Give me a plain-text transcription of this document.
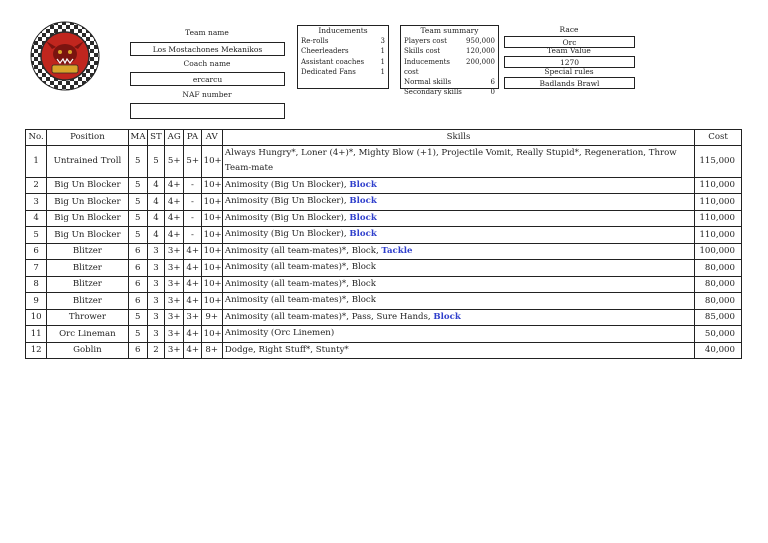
Team name
Los Mostachones Mekanikos
Coach name
ercarcu
NAF number
Inducements
Re-rolls	3
Cheerleaders	1
Assistant coaches 1
Dedicated Fans	1
Team summary
Players cost	950,000
Skills cost	120,000
Inducements cost
200,000
Normal skills	6
Secondary skills	0
Race
Orc
Team Value
1270
Special rules
Badlands Brawl
No.	Position	MA	ST	AG	PA	AV	Skills	Cost
1	Untrained Troll	5	5	5+	5+	10+	Always Hungry*, Loner (4+)*, Mighty Blow (+1), Projectile Vomit, Really Stupid*, Regeneration, Throw Team-mate	115,000
2	Big Un Blocker	5	4	4+	-	10+	Animosity (Big Un Blocker), Block	110,000
3	Big Un Blocker	5	4	4+	-	10+	Animosity (Big Un Blocker), Block	110,000
4	Big Un Blocker	5	4	4+	-	10+	Animosity (Big Un Blocker), Block	110,000
5	Big Un Blocker	5	4	4+	-	10+	Animosity (Big Un Blocker), Block	110,000
6	Blitzer	6	3	3+	4+	10+	Animosity (all team-mates)*, Block, Tackle	100,000
7	Blitzer	6	3	3+	4+	10+	Animosity (all team-mates)*, Block	80,000
8	Blitzer	6	3	3+	4+	10+	Animosity (all team-mates)*, Block	80,000
9	Blitzer	6	3	3+	4+	10+	Animosity (all team-mates)*, Block	80,000
10	Thrower	5	3	3+	3+	9+	Animosity (all team-mates)*, Pass, Sure Hands, Block	85,000
11	Orc Lineman	5	3	3+	4+	10+	Animosity (Orc Linemen)	50,000
12	Goblin	6	2	3+	4+	8+	Dodge, Right Stuff*, Stunty*	40,000
